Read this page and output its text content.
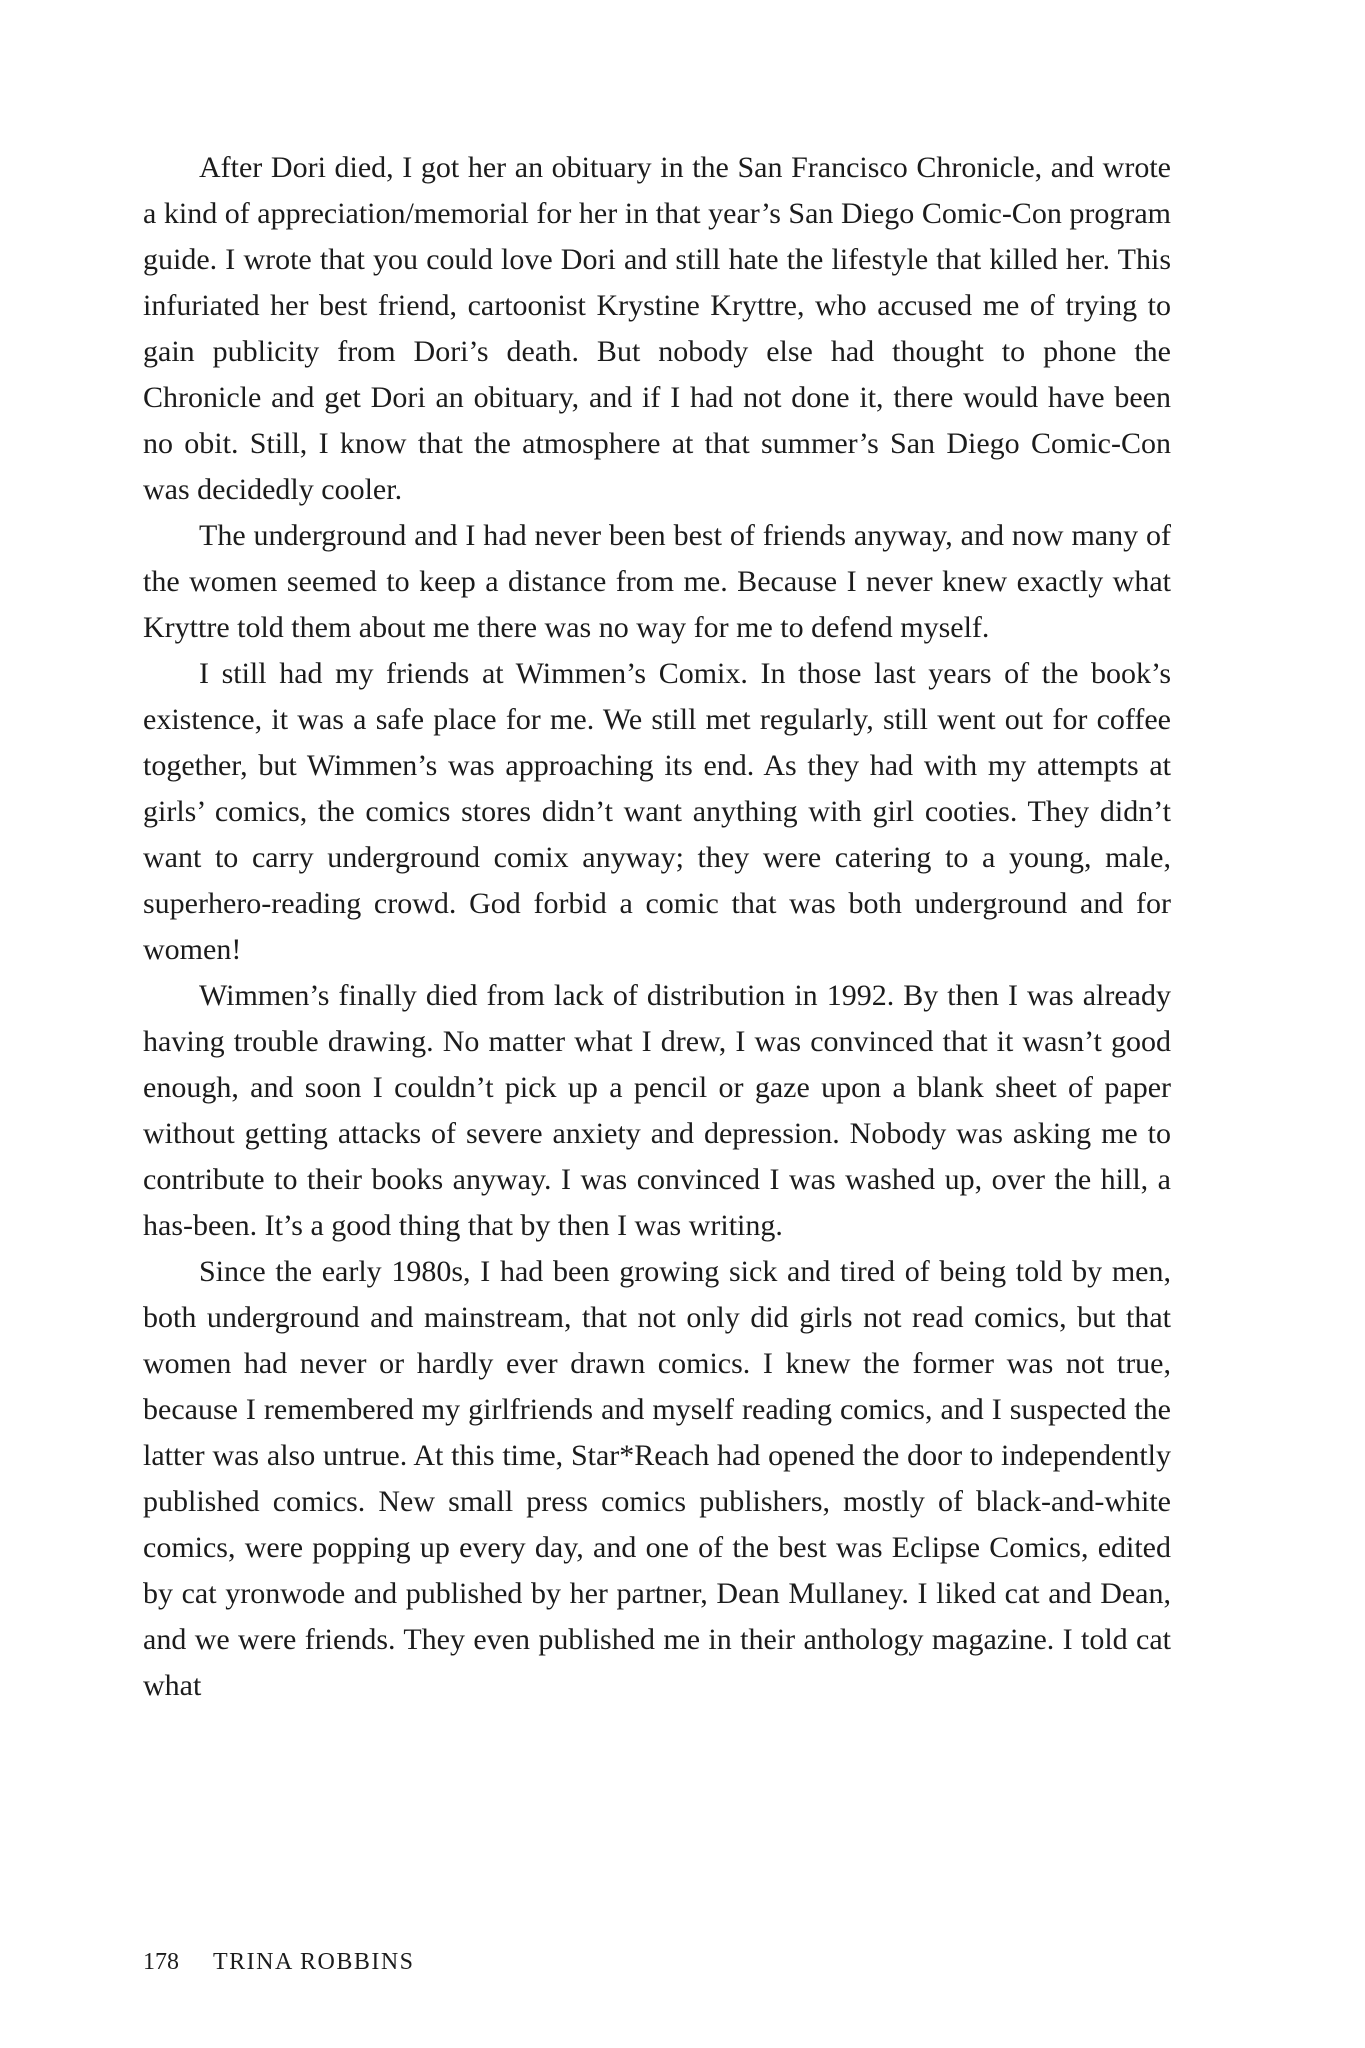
After Dori died, I got her an obituary in the San Francisco Chronicle, and wrote a kind of appreciation/memorial for her in that year’s San Diego Comic-Con program guide. I wrote that you could love Dori and still hate the lifestyle that killed her. This infuriated her best friend, cartoonist Krystine Kryttre, who accused me of trying to gain publicity from Dori’s death. But nobody else had thought to phone the Chronicle and get Dori an obituary, and if I had not done it, there would have been no obit. Still, I know that the atmosphere at that summer’s San Diego Comic-Con was decidedly cooler.

The underground and I had never been best of friends anyway, and now many of the women seemed to keep a distance from me. Because I never knew exactly what Kryttre told them about me there was no way for me to defend myself.

I still had my friends at Wimmen’s Comix. In those last years of the book’s existence, it was a safe place for me. We still met regularly, still went out for coffee together, but Wimmen’s was approaching its end. As they had with my attempts at girls’ comics, the comics stores didn’t want anything with girl cooties. They didn’t want to carry underground comix anyway; they were catering to a young, male, superhero-reading crowd. God forbid a comic that was both underground and for women!

Wimmen’s finally died from lack of distribution in 1992. By then I was already having trouble drawing. No matter what I drew, I was convinced that it wasn’t good enough, and soon I couldn’t pick up a pencil or gaze upon a blank sheet of paper without getting attacks of severe anxiety and depression. Nobody was asking me to contribute to their books anyway. I was convinced I was washed up, over the hill, a has-been. It’s a good thing that by then I was writing.

Since the early 1980s, I had been growing sick and tired of being told by men, both underground and mainstream, that not only did girls not read comics, but that women had never or hardly ever drawn comics. I knew the former was not true, because I remembered my girlfriends and myself reading comics, and I suspected the latter was also untrue. At this time, Star*Reach had opened the door to independently published comics. New small press comics publishers, mostly of black-and-white comics, were popping up every day, and one of the best was Eclipse Comics, edited by cat yronwode and published by her partner, Dean Mullaney. I liked cat and Dean, and we were friends. They even published me in their anthology magazine. I told cat what

178 TRINA ROBBINS
